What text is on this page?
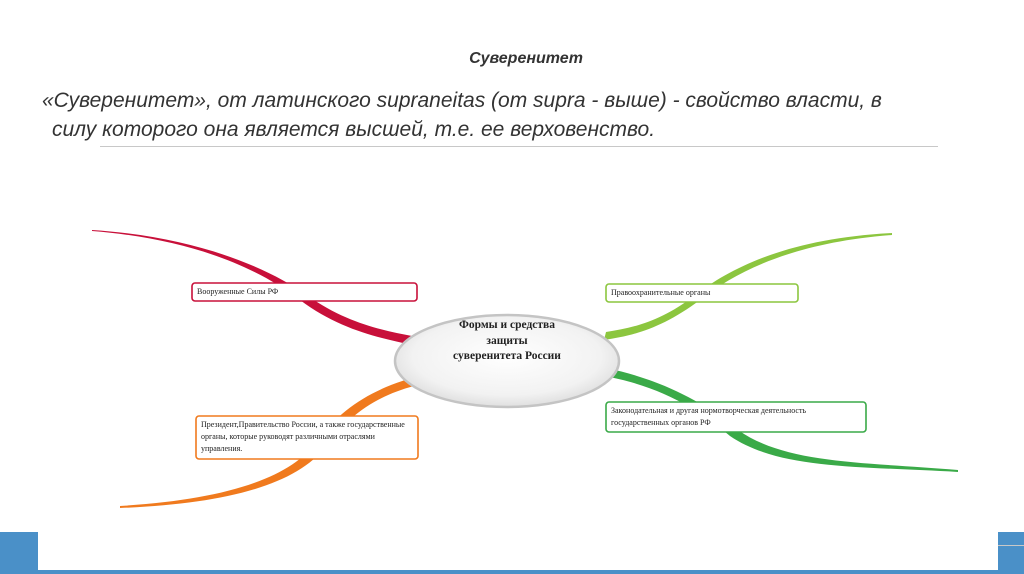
Суверенитет
«Суверенитет», от латинского supraneitas (от supra - выше) - свойство власти, в

силу которого она является высшей, т.е. ее верховенство.
Формы и средства защиты суверенитета России
Вооруженные Силы РФ	Правоохранительные органы
Президент,Правительство России, а также государственные органы, которые руководят различными отраслями управления.
Законодательная и другая нормотворческая деятельность государственных органов РФ
